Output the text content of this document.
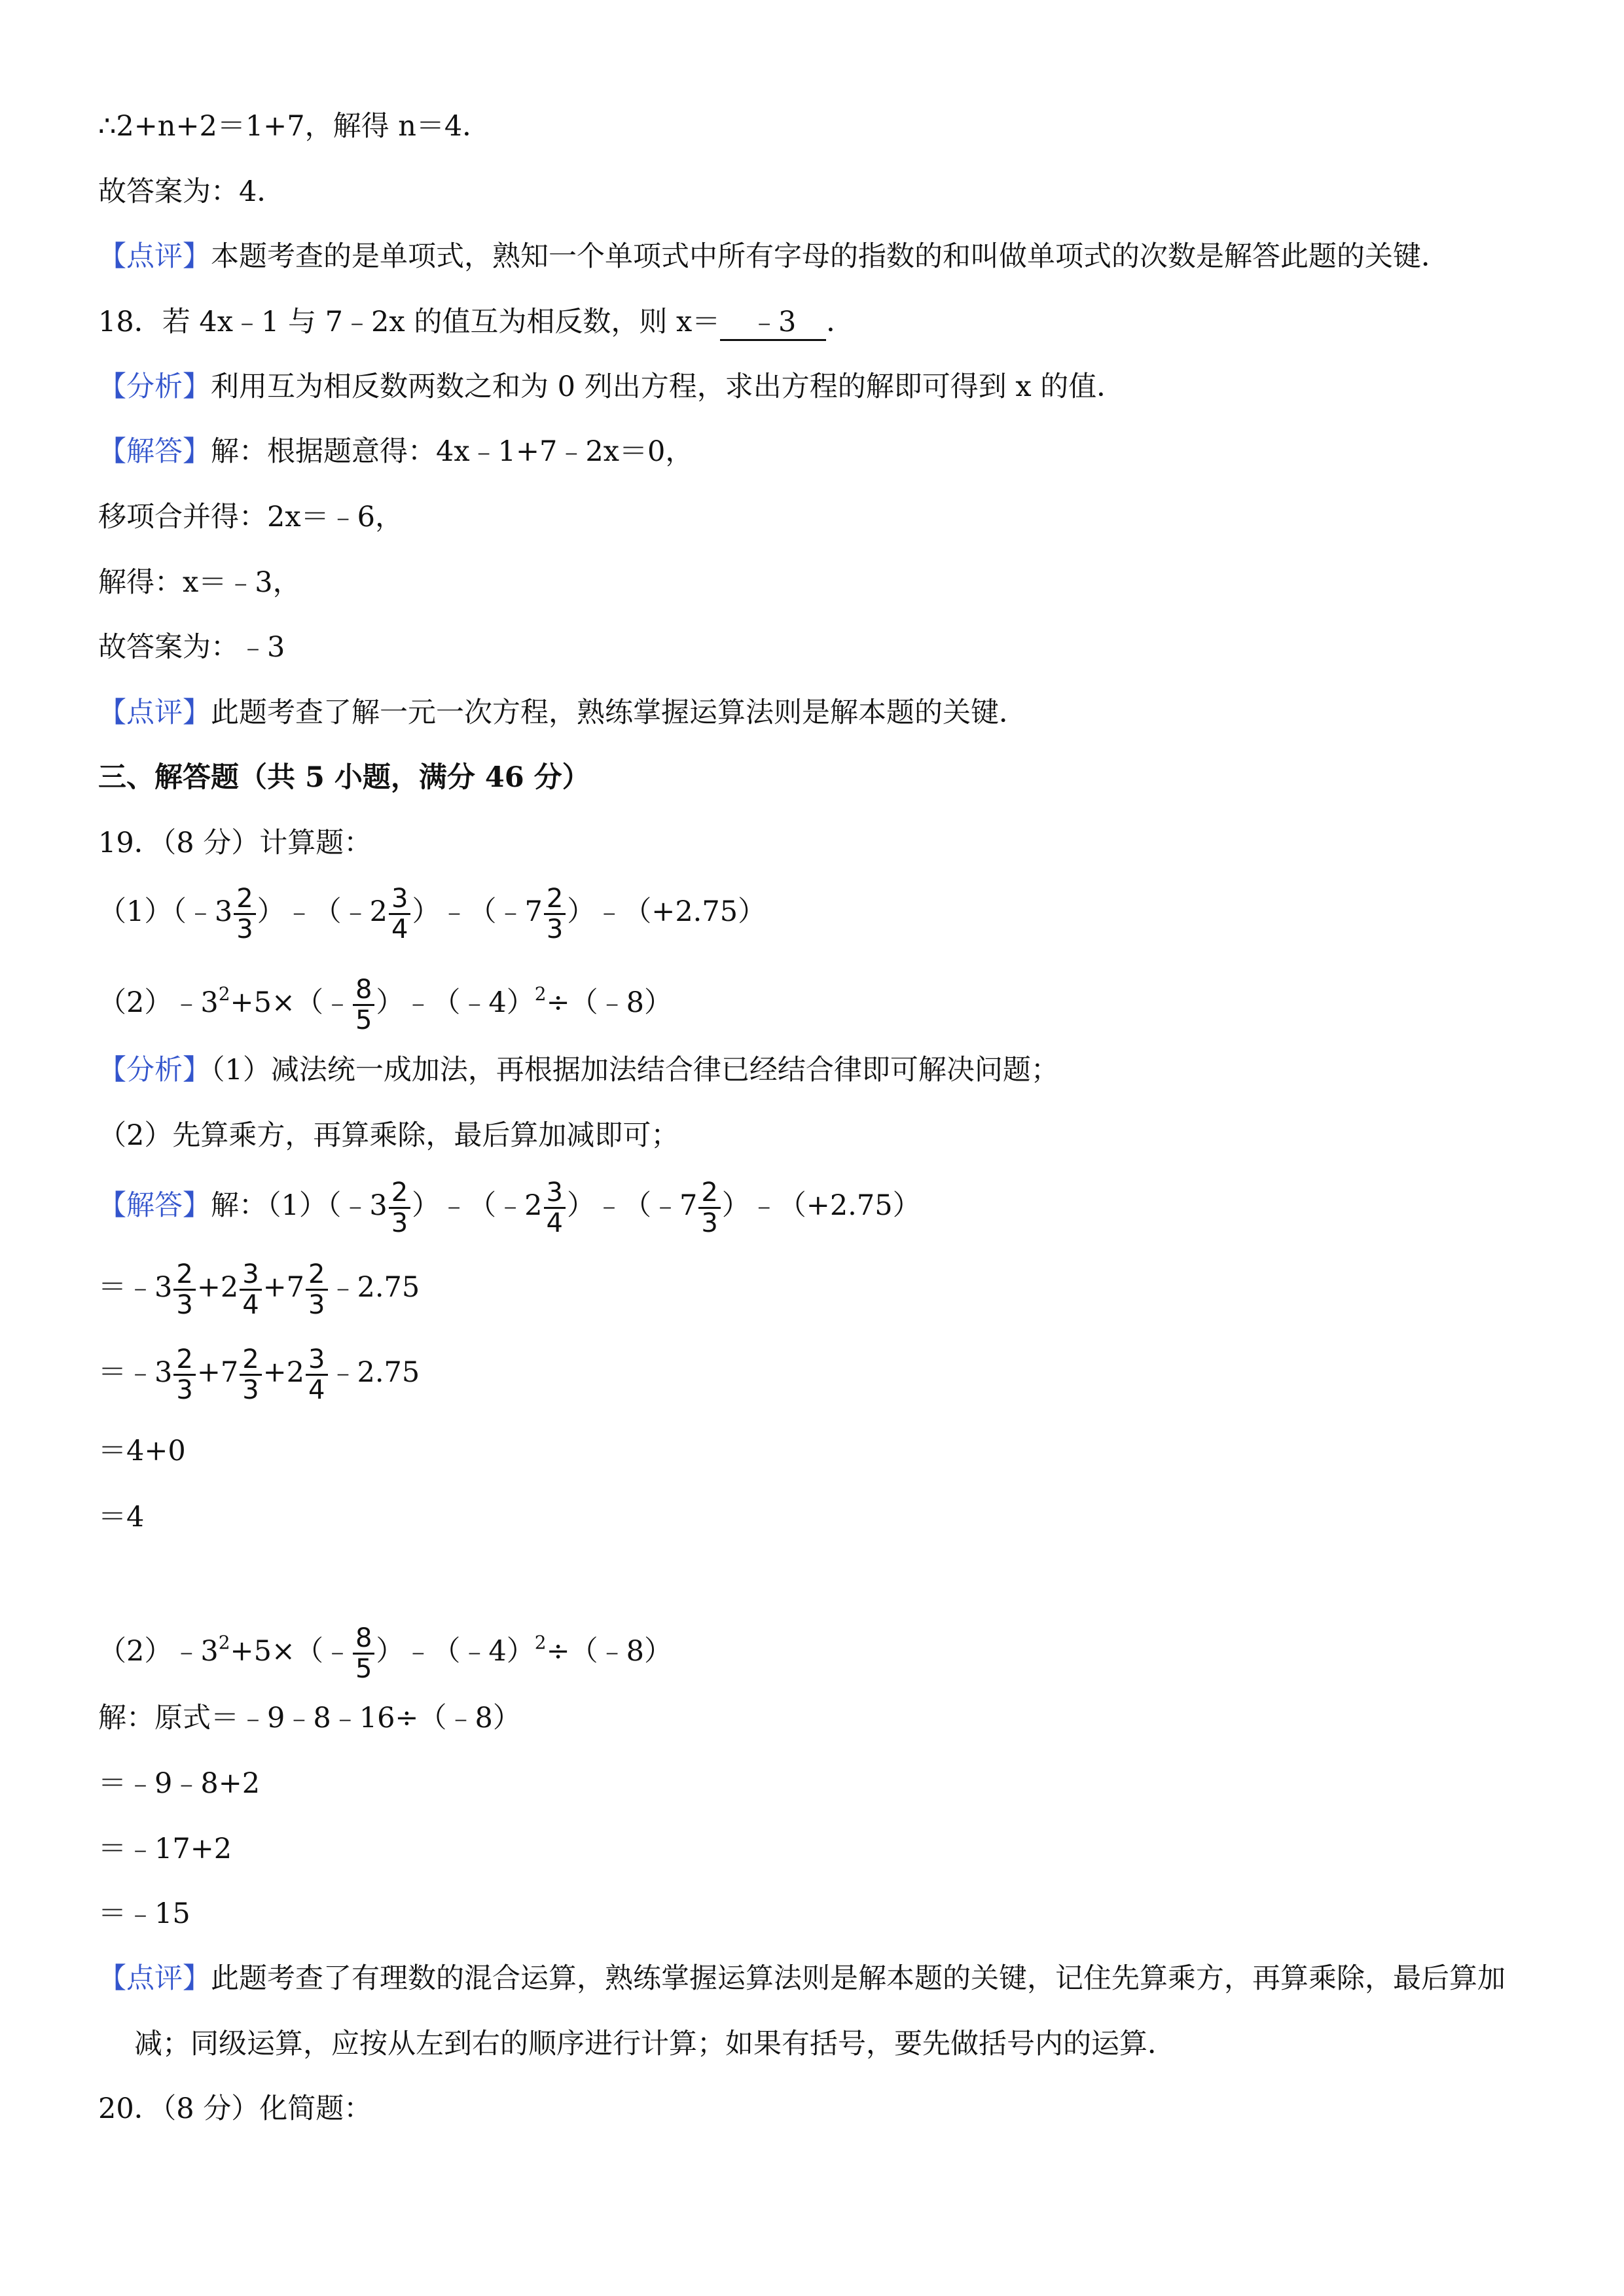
∴2+n+2＝1+7，解得 n＝4．
故答案为：4．
【点评】本题考查的是单项式，熟知一个单项式中所有字母的指数的和叫做单项式的次数是解答此题的关键．
18．若 4x﹣1 与 7﹣2x 的值互为相反数，则 x＝ ﹣3 ．
【分析】利用互为相反数两数之和为 0 列出方程，求出方程的解即可得到 x 的值．
【解答】解：根据题意得：4x﹣1+7﹣2x＝0，
移项合并得：2x＝﹣6，
解得：x＝﹣3，
故答案为：﹣3
【点评】此题考查了解一元一次方程，熟练掌握运算法则是解本题的关键．
三、解答题（共 5 小题，满分 46 分）
19．（8 分）计算题：
（1）（﹣3 $\frac{2}{3}$ ）﹣（﹣2 $\frac{3}{4}$ ）﹣（﹣7 $\frac{2}{3}$ ）﹣（+2.75）
$(2)﹣3^2+5\times(﹣ \frac{8}{5}$ ）﹣（﹣4）$^2$÷（﹣8）
【分析】（1）减法统一成加法，再根据加法结合律已经结合律即可解决问题；
（2）先算乘方，再算乘除，最后算加减即可；
【解答】解：（1）（﹣3 $\frac{2}{3}$ ）﹣（﹣2 $\frac{3}{4}$ ）﹣（﹣7 $\frac{2}{3}$ ）﹣（+2.75）
＝﹣3 $\frac{2}{3} +2 \frac{3}{4} +7 \frac{2}{3}$ ﹣2.75
＝﹣3 $\frac{2}{3} +7 \frac{2}{3} +2 \frac{3}{4}$ ﹣2.75
＝4+0
＝4
$(2)﹣3^2+5\times(﹣ \frac{8}{5}$ ）﹣（﹣4）$^2$÷（﹣8）
解：原式＝﹣9﹣8﹣16÷（﹣8）
＝﹣9﹣8+2
＝﹣17+2
＝﹣15
【点评】此题考查了有理数的混合运算，熟练掌握运算法则是解本题的关键，记住先算乘方，再算乘除，最后算加
减；同级运算，应按从左到右的顺序进行计算；如果有括号，要先做括号内的运算．
20．（8 分）化简题：
